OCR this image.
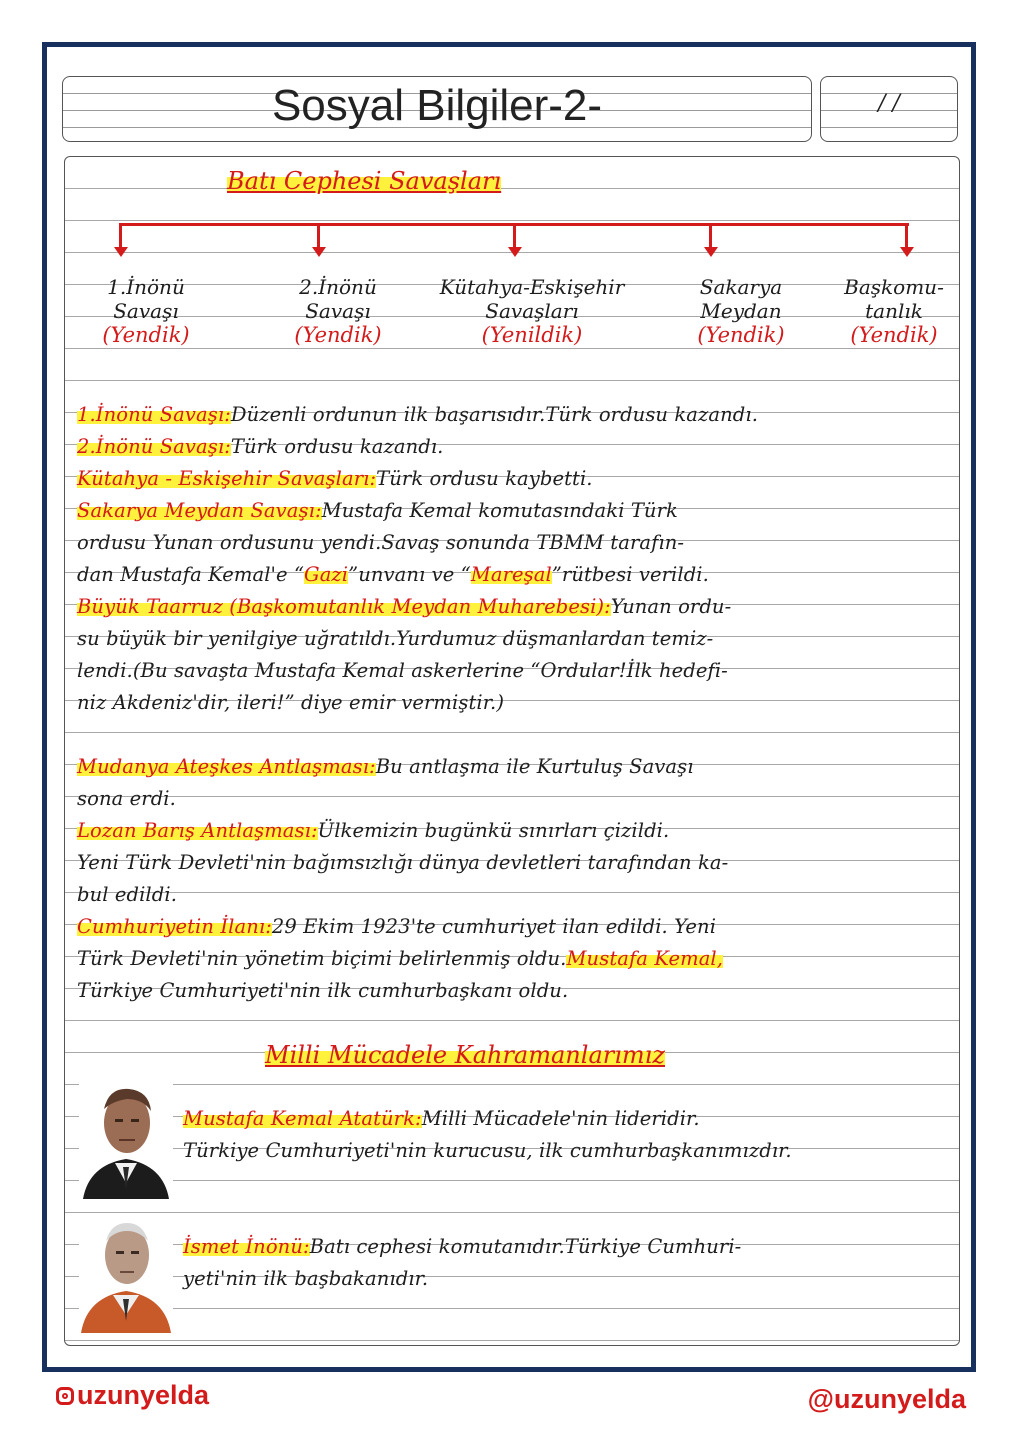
Sosyal Bilgiler-2-	/ /
Batı Cephesi Savaşları
1.İnönü
Savaşı
(Yendik)
2.İnönü
Savaşı
(Yendik)
Kütahya-Eskişehir
Savaşları
(Yenildik)
Sakarya
Meydan
(Yendik)
Başkomu-
tanlık
(Yendik)
1.İnönü Savaşı:Düzenli ordunun ilk başarısıdır.Türk ordusu kazandı.
2.İnönü Savaşı:Türk ordusu kazandı.
Kütahya - Eskişehir Savaşları:Türk ordusu kaybetti.
Sakarya Meydan Savaşı:Mustafa Kemal komutasındaki Türk
ordusu Yunan ordusunu yendi.Savaş sonunda TBMM tarafın-
dan Mustafa Kemal'e “Gazi”unvanı ve “Mareşal”rütbesi verildi.
Büyük Taarruz (Başkomutanlık Meydan Muharebesi):Yunan ordu-
su büyük bir yenilgiye uğratıldı.Yurdumuz düşmanlardan temiz-
lendi.(Bu savaşta Mustafa Kemal askerlerine “Ordular!İlk hedefi-
niz Akdeniz'dir, ileri!” diye emir vermiştir.)
Mudanya Ateşkes Antlaşması:Bu antlaşma ile Kurtuluş Savaşı
sona erdi.
Lozan Barış Antlaşması:Ülkemizin bugünkü sınırları çizildi.
Yeni Türk Devleti'nin bağımsızlığı dünya devletleri tarafından ka-
bul edildi.
Cumhuriyetin İlanı:29 Ekim 1923'te cumhuriyet ilan edildi. Yeni
Türk Devleti'nin yönetim biçimi belirlenmiş oldu.Mustafa Kemal,
Türkiye Cumhuriyeti'nin ilk cumhurbaşkanı oldu.
Milli Mücadele Kahramanlarımız
Mustafa Kemal Atatürk:Milli Mücadele'nin lideridir.
Türkiye Cumhuriyeti'nin kurucusu, ilk cumhurbaşkanımızdır.
İsmet İnönü:Batı cephesi komutanıdır.Türkiye Cumhuri-
yeti'nin ilk başbakanıdır.
uzunyelda	@uzunyelda
